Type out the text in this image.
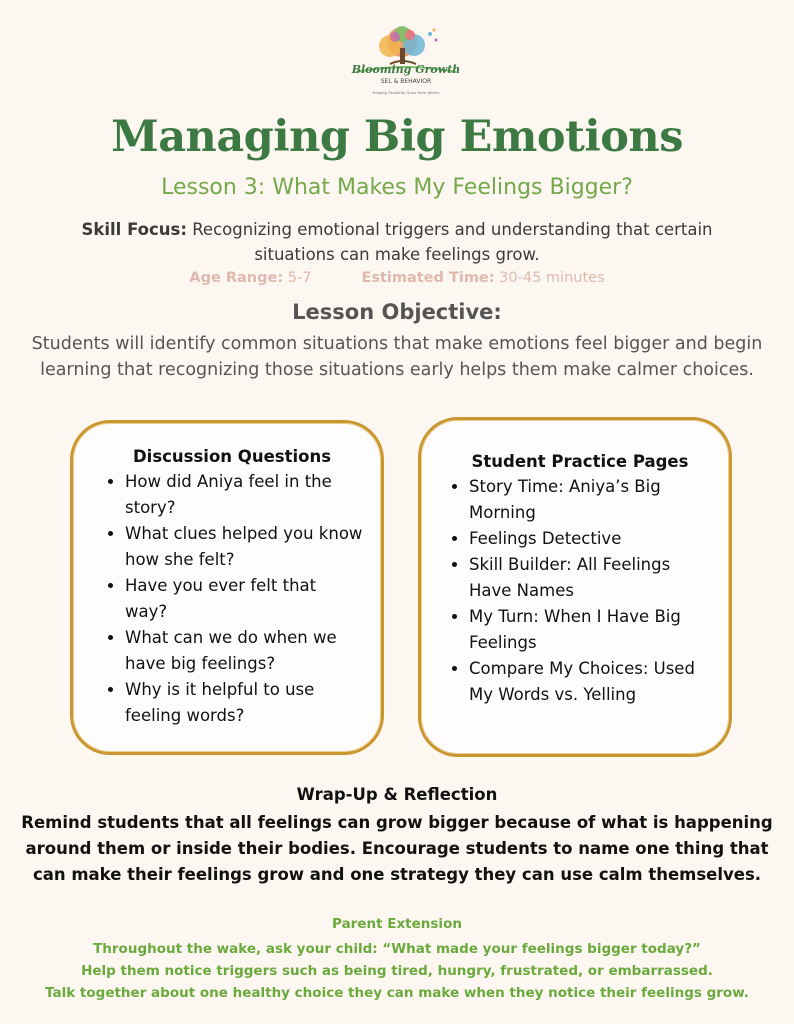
Blooming Growth
SEL & BEHAVIOR
Helping Students Grow from Within
Managing Big Emotions
Lesson 3: What Makes My Feelings Bigger?
Skill Focus: Recognizing emotional triggers and understanding that certain situations can make feelings grow.
Age Range: 5-7	Estimated Time: 30-45 minutes
Lesson Objective:
Students will identify common situations that make emotions feel bigger and begin learning that recognizing those situations early helps them make calmer choices.
Discussion Questions
• How did Aniya feel in the story?
• What clues helped you know how she felt?
• Have you ever felt that way?
• What can we do when we have big feelings?
• Why is it helpful to use feeling words?
Student Practice Pages
• Story Time: Aniya’s Big Morning
• Feelings Detective
• Skill Builder: All Feelings Have Names
• My Turn: When I Have Big Feelings
• Compare My Choices: Used My Words vs. Yelling
Wrap-Up & Reflection
Remind students that all feelings can grow bigger because of what is happening around them or inside their bodies. Encourage students to name one thing that can make their feelings grow and one strategy they can use calm themselves.
Parent Extension
Throughout the wake, ask your child: “What made your feelings bigger today?”
Help them notice triggers such as being tired, hungry, frustrated, or embarrassed.
Talk together about one healthy choice they can make when they notice their feelings grow.
